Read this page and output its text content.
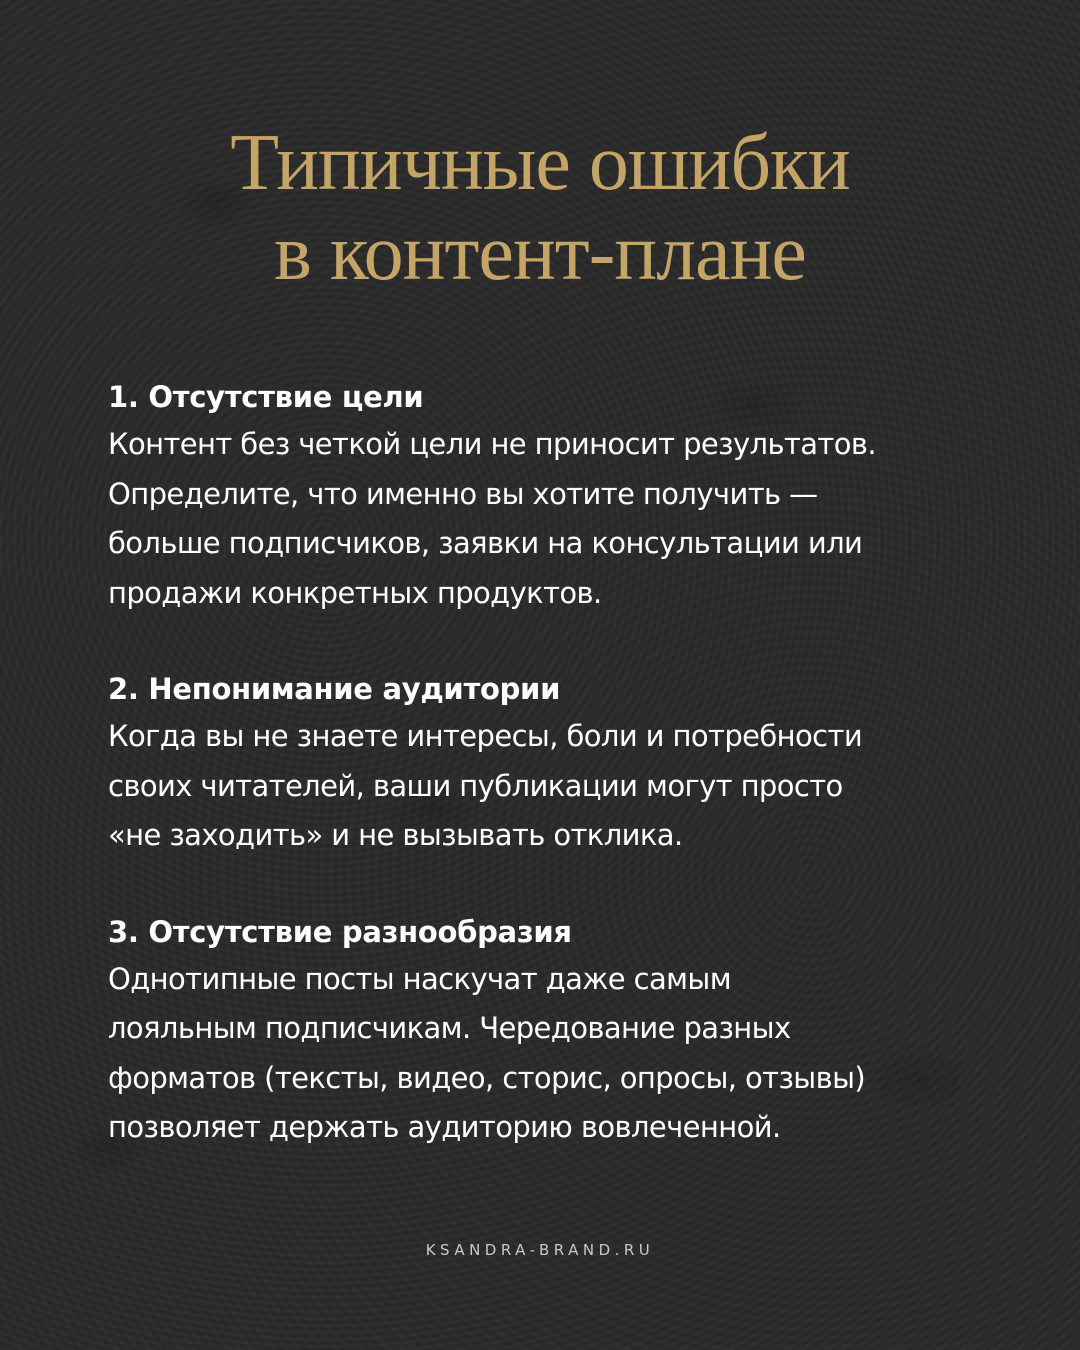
Типичные ошибки
в контент-плане

1. Отсутствие цели

Контент без четкой цели не приносит результатов.
Определите, что именно вы хотите получить —
больше подписчиков, заявки на консультации или
продажи конкретных продуктов.

2. Непонимание аудитории

Когда вы не знаете интересы, боли и потребности
своих читателей, ваши публикации могут просто
«не заходить» и не вызывать отклика.

3. Отсутствие разнообразия

Однотипные посты наскучат даже самым
лояльным подписчикам. Чередование разных
форматов (тексты, видео, сторис, опросы, отзывы)
позволяет держать аудиторию вовлеченной.

KSANDRA-BRAND.RU
